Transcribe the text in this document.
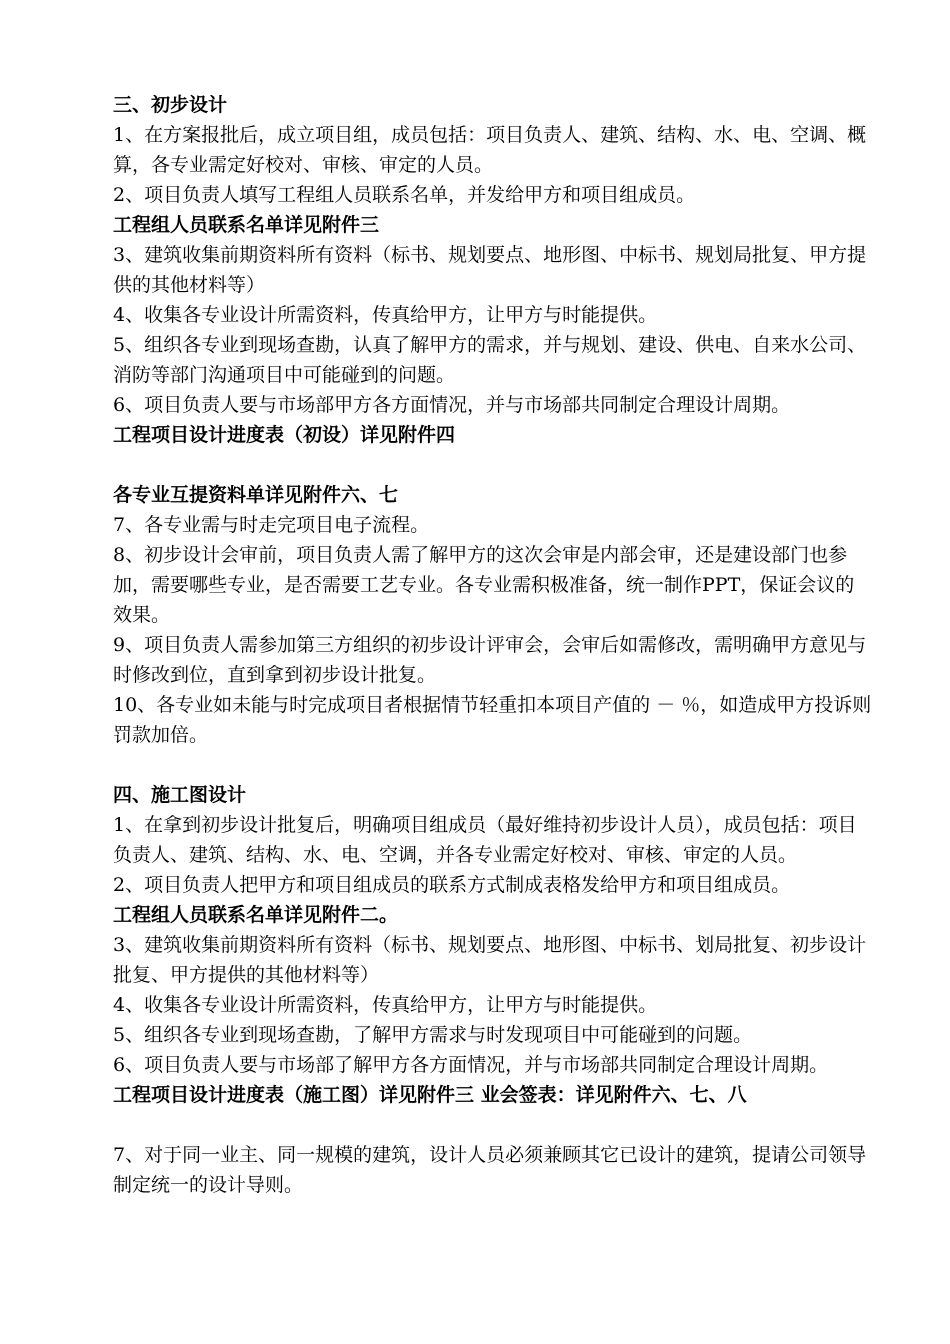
三、初步设计

1、在方案报批后，成立项目组，成员包括：项目负责人、建筑、结构、水、电、空调、概算，各专业需定好校对、审核、审定的人员。

2、项目负责人填写工程组人员联系名单，并发给甲方和项目组成员。

工程组人员联系名单详见附件三

3、建筑收集前期资料所有资料（标书、规划要点、地形图、中标书、规划局批复、甲方提供的其他材料等）

4、收集各专业设计所需资料，传真给甲方，让甲方与时能提供。

5、组织各专业到现场查勘，认真了解甲方的需求，并与规划、建设、供电、自来水公司、消防等部门沟通项目中可能碰到的问题。

6、项目负责人要与市场部甲方各方面情况，并与市场部共同制定合理设计周期。

工程项目设计进度表（初设）详见附件四

各专业互提资料单详见附件六、七

7、各专业需与时走完项目电子流程。

8、初步设计会审前，项目负责人需了解甲方的这次会审是内部会审，还是建设部门也参加，需要哪些专业，是否需要工艺专业。各专业需积极准备，统一制作PPT，保证会议的效果。

9、项目负责人需参加第三方组织的初步设计评审会，会审后如需修改，需明确甲方意见与时修改到位，直到拿到初步设计批复。

10、各专业如未能与时完成项目者根据情节轻重扣本项目产值的 － ％，如造成甲方投诉则罚款加倍。

四、施工图设计

1、在拿到初步设计批复后，明确项目组成员（最好维持初步设计人员），成员包括：项目负责人、建筑、结构、水、电、空调，并各专业需定好校对、审核、审定的人员。

2、项目负责人把甲方和项目组成员的联系方式制成表格发给甲方和项目组成员。

工程组人员联系名单详见附件二。

3、建筑收集前期资料所有资料（标书、规划要点、地形图、中标书、划局批复、初步设计批复、甲方提供的其他材料等）

4、收集各专业设计所需资料，传真给甲方，让甲方与时能提供。

5、组织各专业到现场查勘，了解甲方需求与时发现项目中可能碰到的问题。

6、项目负责人要与市场部了解甲方各方面情况，并与市场部共同制定合理设计周期。

工程项目设计进度表（施工图）详见附件三 业会签表：详见附件六、七、八

7、对于同一业主、同一规模的建筑，设计人员必须兼顾其它已设计的建筑，提请公司领导制定统一的设计导则。
